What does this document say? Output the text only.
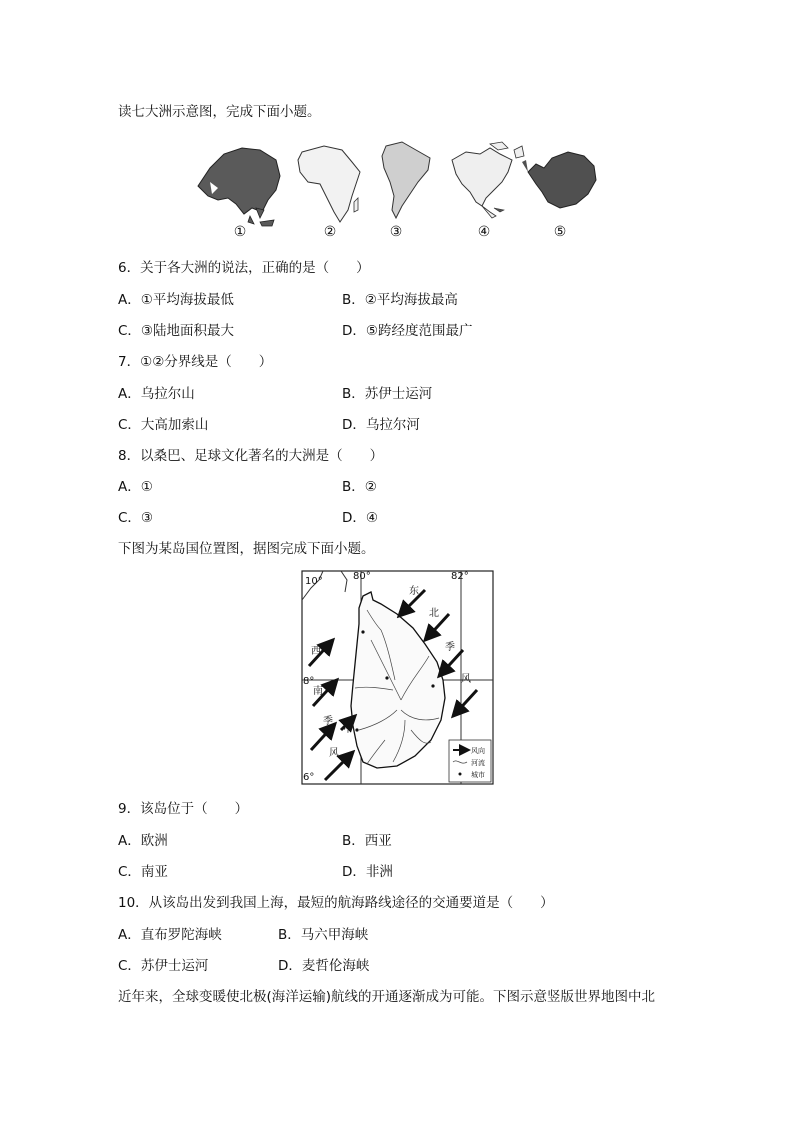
读七大洲示意图，完成下面小题。
①	②	③	④	⑤
6．关于各大洲的说法，正确的是（　　）
A．①平均海拔最低	B．②平均海拔最高
C．③陆地面积最大	D．⑤跨经度范围最广
7．①②分界线是（　　）
A．乌拉尔山	B．苏伊士运河
C．大高加索山	D．乌拉尔河
8．以桑巴、足球文化著名的大洲是（　　）
A．①	B．②
C．③	D．④
下图为某岛国位置图，据图完成下面小题。
10°
8°
6°
80°	82°
东
北
季
风
西
南
季
风
甲
风向
河流
城市
9．该岛位于（　　）
A．欧洲	B．西亚
C．南亚	D．非洲
10．从该岛出发到我国上海，最短的航海路线途径的交通要道是（　　）
A．直布罗陀海峡	B．马六甲海峡
C．苏伊士运河	D．麦哲伦海峡
近年来，全球变暖使北极(海洋运输)航线的开通逐渐成为可能。下图示意竖版世界地图中北
